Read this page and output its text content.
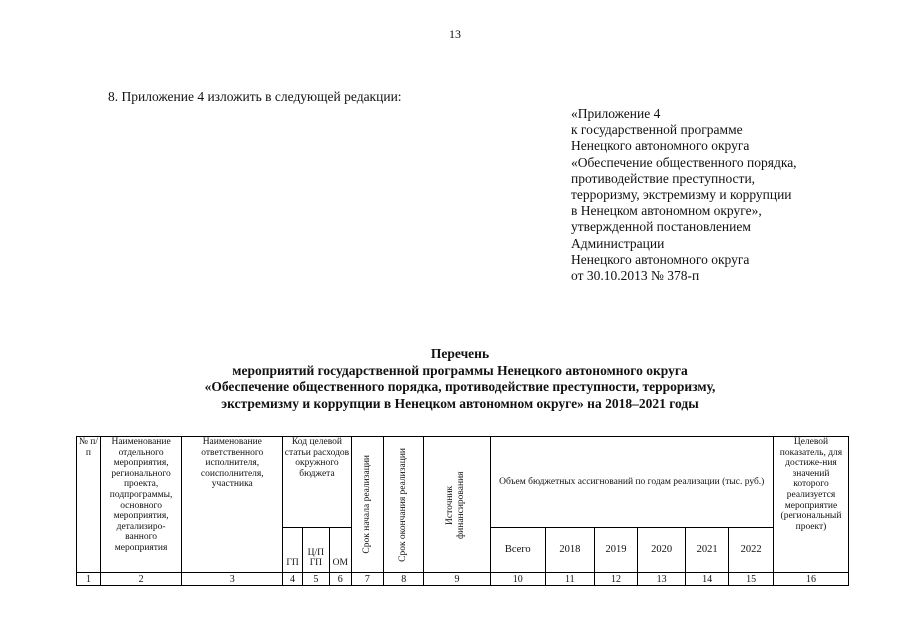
13
8. Приложение 4 изложить в следующей редакции:
«Приложение 4
к государственной программе
Ненецкого автономного округа
«Обеспечение общественного порядка,
противодействие преступности,
терроризму, экстремизму и коррупции
в Ненецком автономном округе»,
утвержденной постановлением
Администрации
Ненецкого автономного округа
от 30.10.2013 № 378-п
Перечень
мероприятий государственной программы Ненецкого автономного округа
«Обеспечение общественного порядка, противодействие преступности, терроризму,
экстремизму и коррупции в Ненецком автономном округе» на 2018–2021 годы
№ п/п	Наименование отдельного мероприятия, регионального проекта, подпрограммы, основного мероприятия, детализиро-ванного мероприятия	Наименование ответственного исполнителя, соисполнителя, участника	Код целевой статьи расходов окружного бюджета			Срок начала реализации	Срок окончания реализации	Источник финансирования	Объем бюджетных ассигнований по годам реализации (тыс. руб.)						Целевой показатель, для достиже-ния значений которого реализуется мероприятие (региональный проект)
			ГП	Ц/П ГП	ОМ				Всего	2018	2019	2020	2021	2022	
1	2	3	4	5	6	7	8	9	10	11	12	13	14	15	16
